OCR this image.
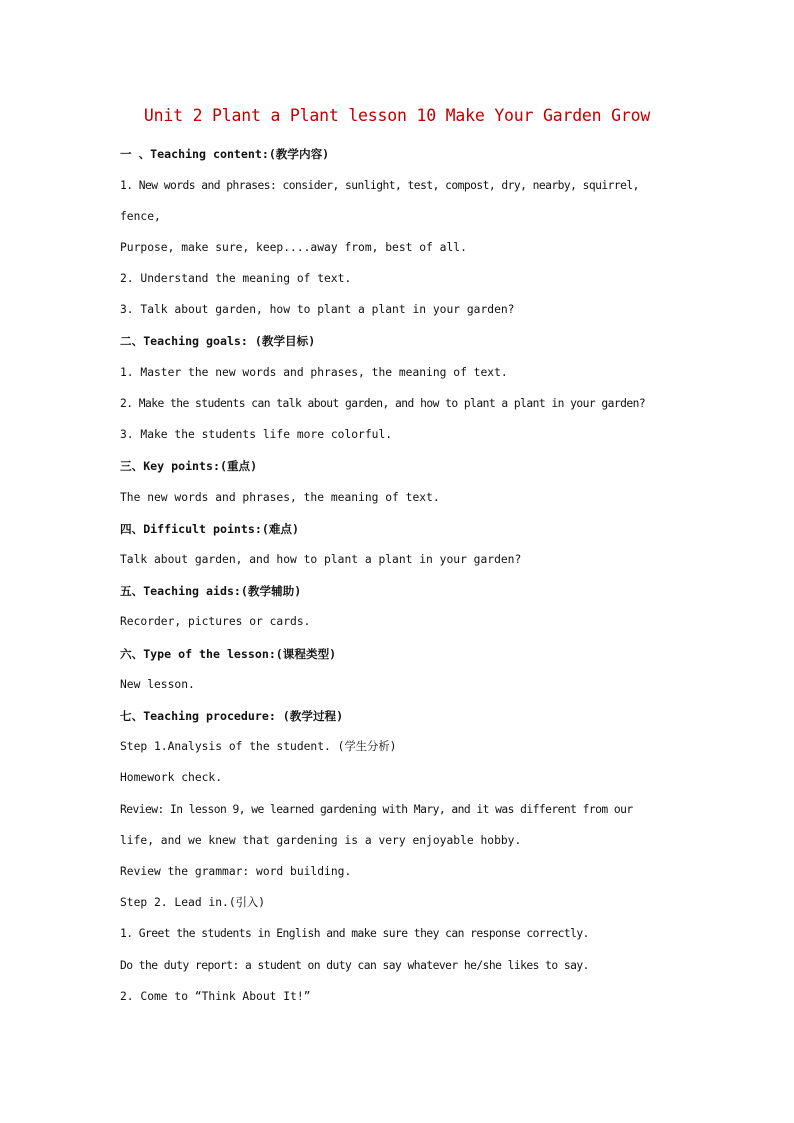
Unit 2 Plant a Plant lesson 10 Make Your Garden Grow
一 、Teaching content:(教学内容)
1. New words and phrases: consider, sunlight, test, compost, dry, nearby, squirrel,
fence,
Purpose, make sure, keep....away from, best of all.
2. Understand the meaning of text.
3. Talk about garden, how to plant a plant in your garden?
二、Teaching goals: (教学目标)
1. Master the new words and phrases, the meaning of text.
2. Make the students can talk about garden, and how to plant a plant in your garden?
3. Make the students life more colorful.
三、Key points:(重点)
The new words and phrases, the meaning of text.
四、Difficult points:(难点)
Talk about garden, and how to plant a plant in your garden?
五、Teaching aids:(教学辅助)
Recorder, pictures or cards.
六、Type of the lesson:(课程类型)
New lesson.
七、Teaching procedure: (教学过程)
Step 1.Analysis of the student. (学生分析)
Homework check.
Review: In lesson 9, we learned gardening with Mary, and it was different from our
life, and we knew that gardening is a very enjoyable hobby.
Review the grammar: word building.
Step 2. Lead in.(引入)
1. Greet the students in English and make sure they can response correctly.
Do the duty report: a student on duty can say whatever he/she likes to say.
2. Come to “Think About It!”
